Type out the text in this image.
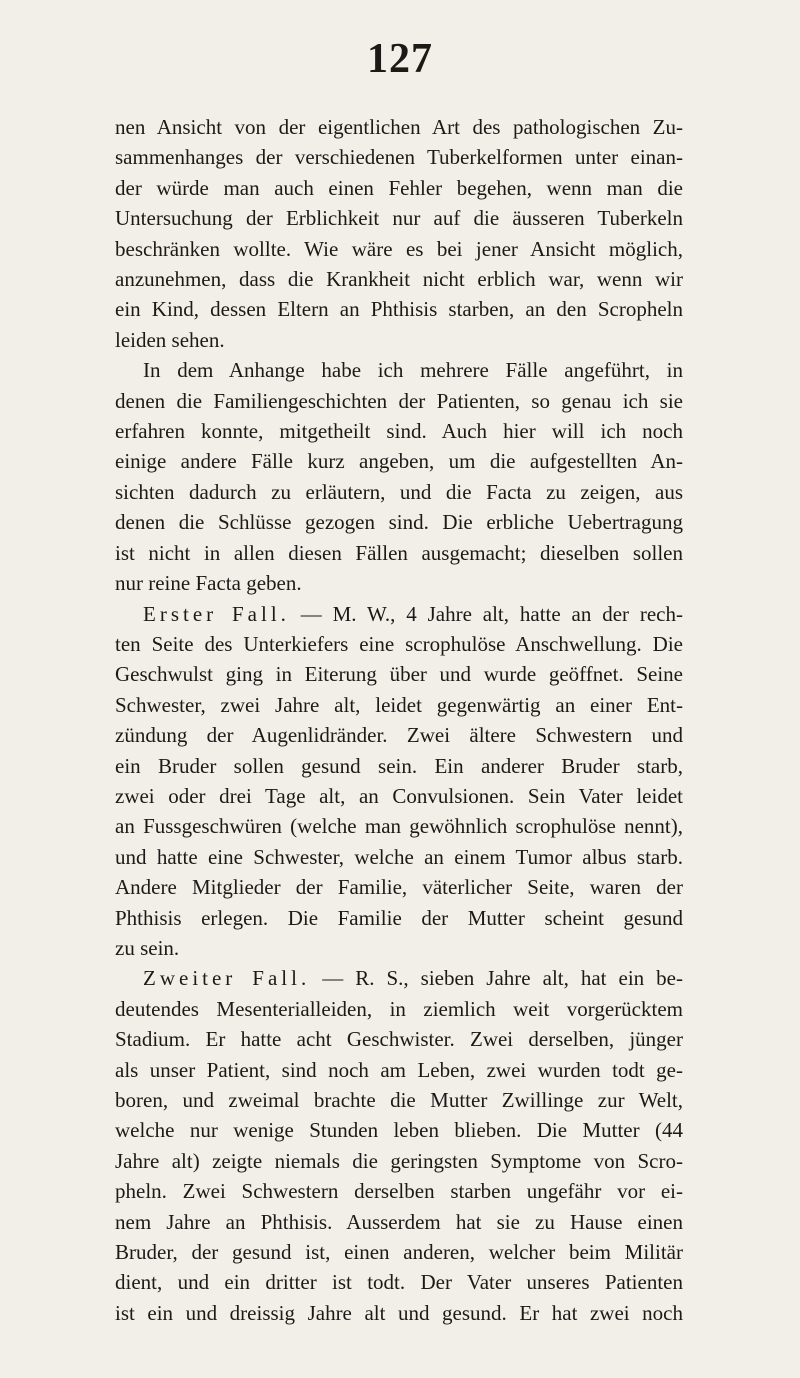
127
nen Ansicht von der eigentlichen Art des pathologischen Zu-
sammenhanges der verschiedenen Tuberkelformen unter einan-
der würde man auch einen Fehler begehen, wenn man die
Untersuchung der Erblichkeit nur auf die äusseren Tuberkeln
beschränken wollte. Wie wäre es bei jener Ansicht möglich,
anzunehmen, dass die Krankheit nicht erblich war, wenn wir
ein Kind, dessen Eltern an Phthisis starben, an den Scropheln
leiden sehen.
In dem Anhange habe ich mehrere Fälle angeführt, in
denen die Familiengeschichten der Patienten, so genau ich sie
erfahren konnte, mitgetheilt sind. Auch hier will ich noch
einige andere Fälle kurz angeben, um die aufgestellten An-
sichten dadurch zu erläutern, und die Facta zu zeigen, aus
denen die Schlüsse gezogen sind. Die erbliche Uebertragung
ist nicht in allen diesen Fällen ausgemacht; dieselben sollen
nur reine Facta geben.
Erster Fall. — M. W., 4 Jahre alt, hatte an der rech-
ten Seite des Unterkiefers eine scrophulöse Anschwellung. Die
Geschwulst ging in Eiterung über und wurde geöffnet. Seine
Schwester, zwei Jahre alt, leidet gegenwärtig an einer Ent-
zündung der Augenlidränder. Zwei ältere Schwestern und
ein Bruder sollen gesund sein. Ein anderer Bruder starb,
zwei oder drei Tage alt, an Convulsionen. Sein Vater leidet
an Fussgeschwüren (welche man gewöhnlich scrophulöse nennt),
und hatte eine Schwester, welche an einem Tumor albus starb.
Andere Mitglieder der Familie, väterlicher Seite, waren der
Phthisis erlegen. Die Familie der Mutter scheint gesund
zu sein.
Zweiter Fall. — R. S., sieben Jahre alt, hat ein be-
deutendes Mesenterialleiden, in ziemlich weit vorgerücktem
Stadium. Er hatte acht Geschwister. Zwei derselben, jünger
als unser Patient, sind noch am Leben, zwei wurden todt ge-
boren, und zweimal brachte die Mutter Zwillinge zur Welt,
welche nur wenige Stunden leben blieben. Die Mutter (44
Jahre alt) zeigte niemals die geringsten Symptome von Scro-
pheln. Zwei Schwestern derselben starben ungefähr vor ei-
nem Jahre an Phthisis. Ausserdem hat sie zu Hause einen
Bruder, der gesund ist, einen anderen, welcher beim Militär
dient, und ein dritter ist todt. Der Vater unseres Patienten
ist ein und dreissig Jahre alt und gesund. Er hat zwei noch
